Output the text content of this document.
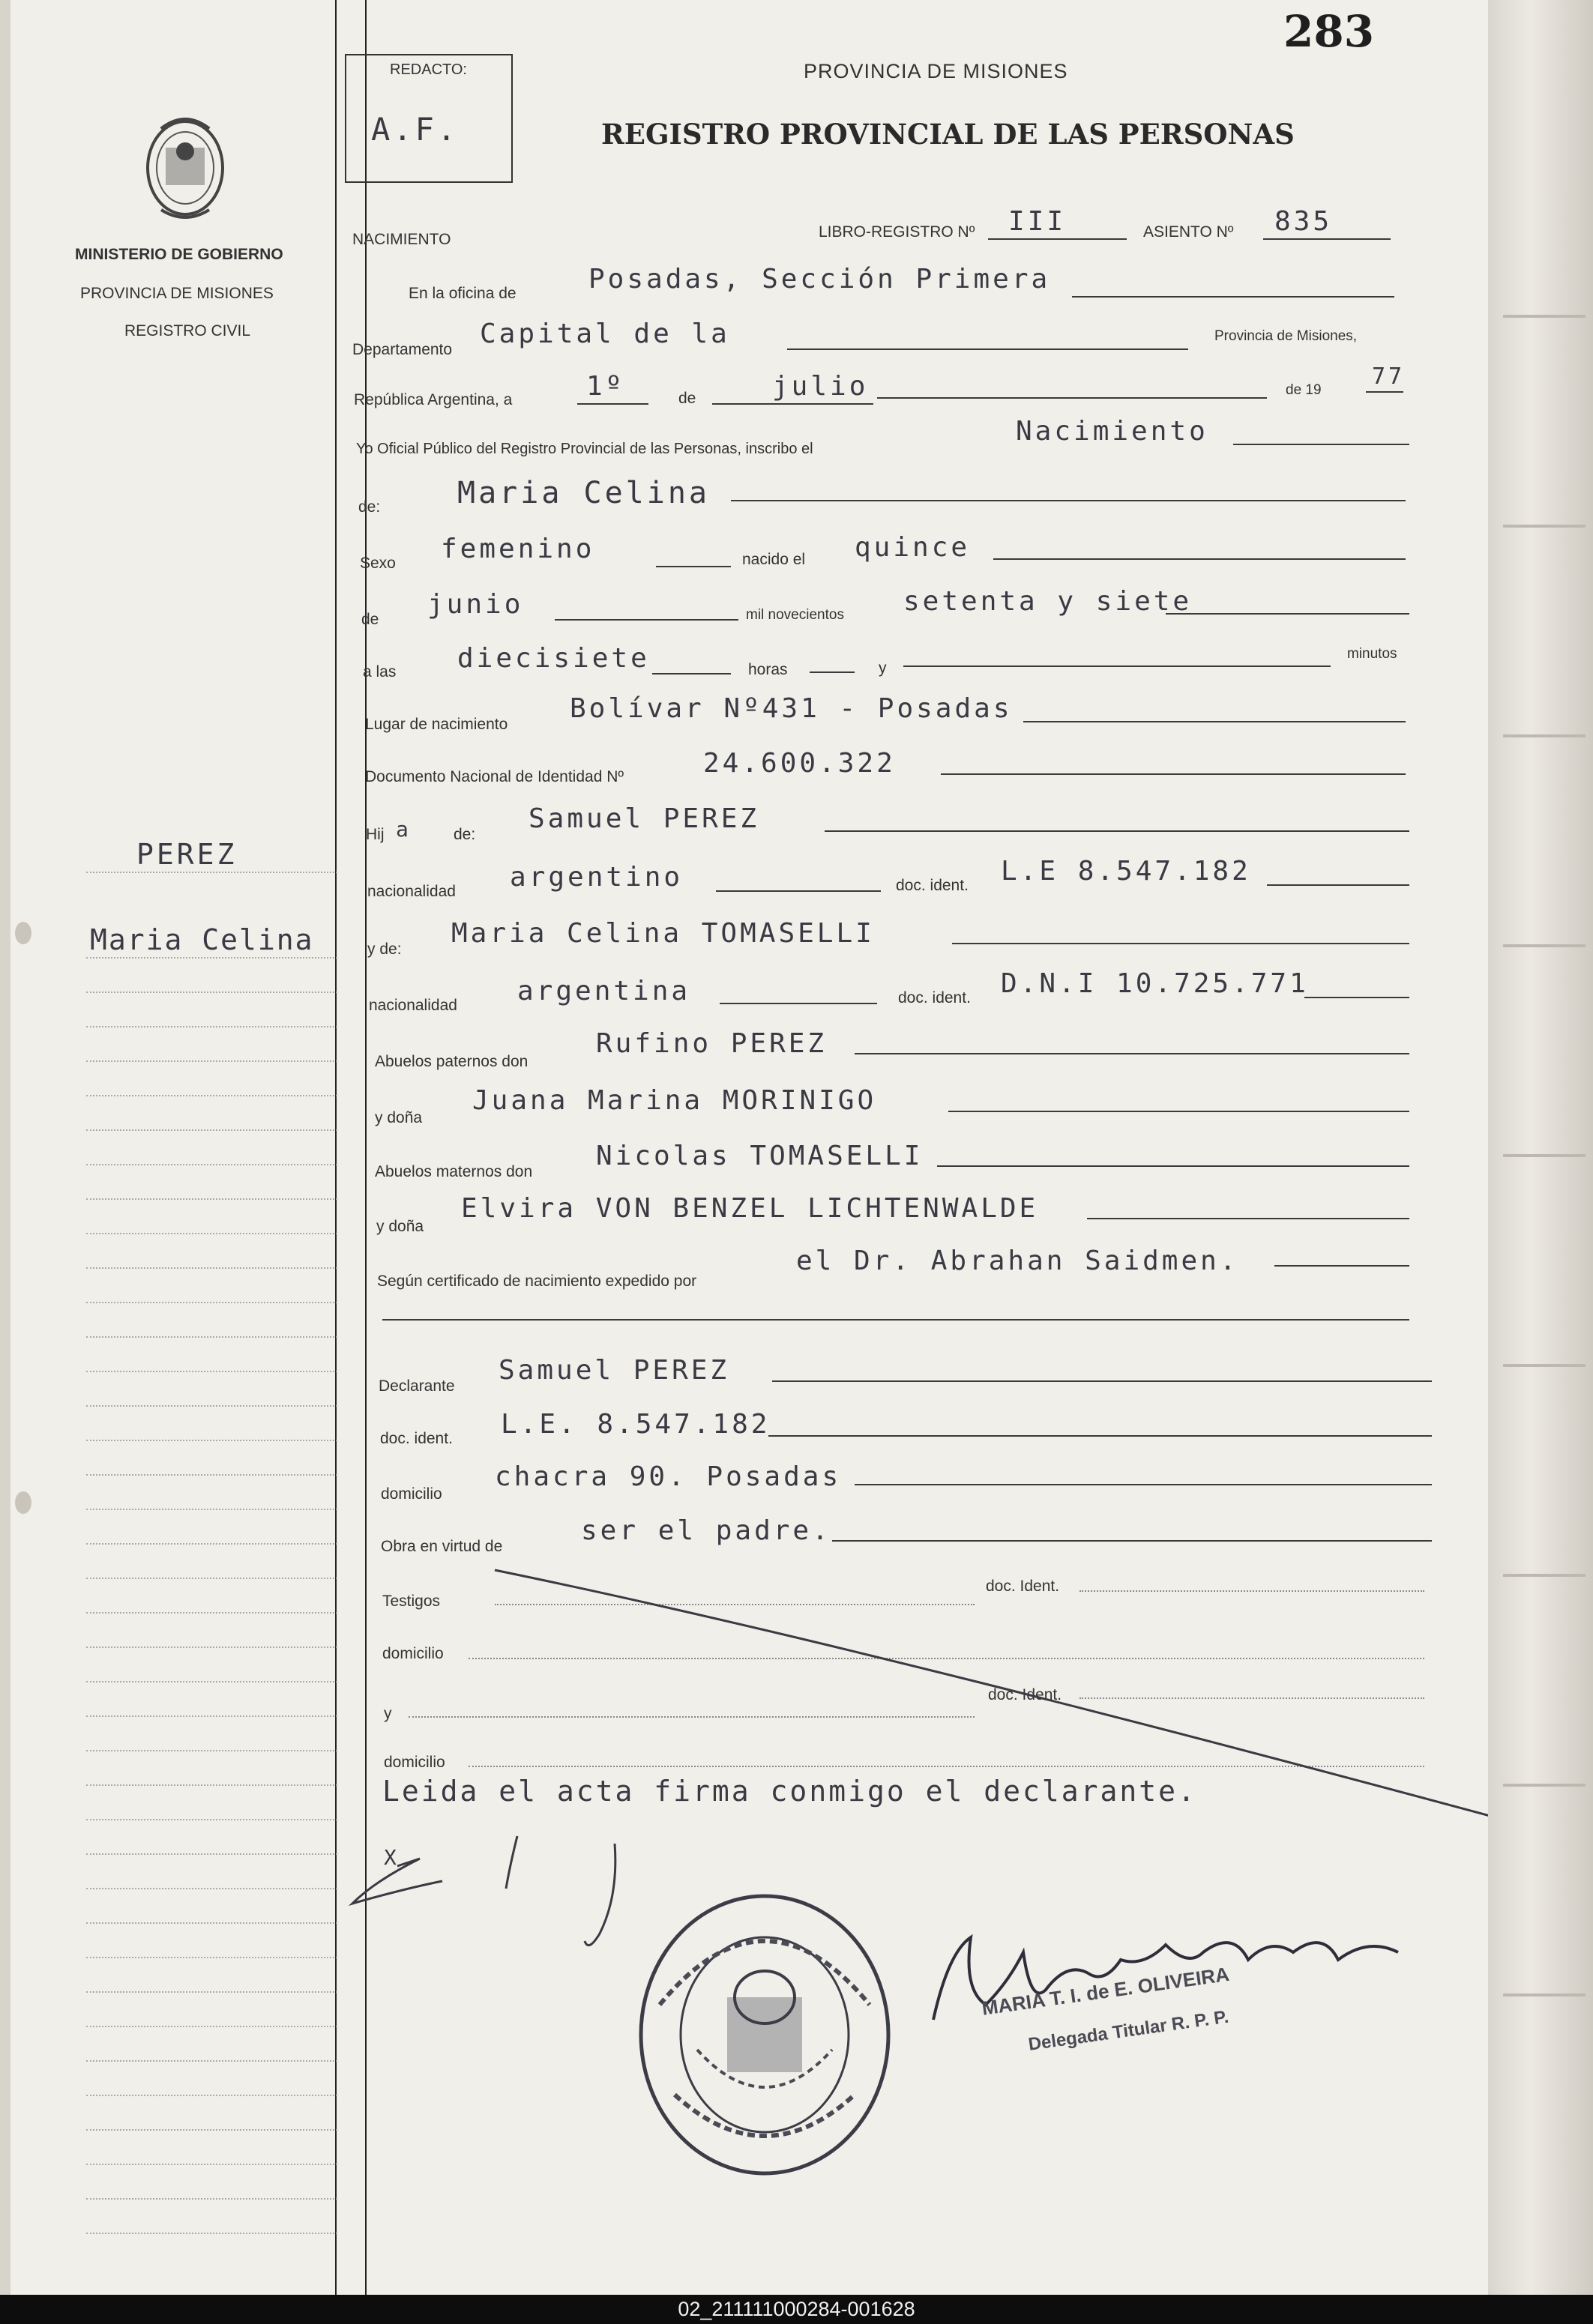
283
REDACTO:
A.F.
PROVINCIA DE MISIONES
REGISTRO PROVINCIAL DE LAS PERSONAS
MINISTERIO DE GOBIERNO
PROVINCIA DE MISIONES
REGISTRO CIVIL
PEREZ
Maria Celina
NACIMIENTO	LIBRO-REGISTRO Nº III	ASIENTO Nº 835
En la oficina de	Posadas, Sección Primera
Departamento
Capital de la	Provincia de Misiones,
República Argentina, a	1º	de	julio	de 19
77
Yo Oficial Público del Registro Provincial de las Personas, inscribo el
Nacimiento
de:	Maria Celina
Sexo femenino	nacido el quince
de junio	mil novecientos setenta y siete
a las diecisiete	horas	y
minutos
Lugar de nacimiento
Bolívar Nº431 - Posadas
Documento Nacional de Identidad Nº	24.600.322
Hij a	de:
Samuel PEREZ
nacionalidad argentino	doc. ident. L.E 8.547.182
y de:
Maria Celina TOMASELLI
nacionalidad argentina	doc. ident. D.N.I 10.725.771
Abuelos paternos don
Rufino PEREZ
y doña
Juana Marina MORINIGO
Abuelos maternos don
Nicolas TOMASELLI
y doña
Elvira VON BENZEL LICHTENWALDE
Según certificado de nacimiento expedido por
el Dr. Abrahan Saidmen.
Declarante
Samuel PEREZ
doc. ident. L.E. 8.547.182
domicilio
chacra 90. Posadas
Obra en virtud de
ser el padre.
Testigos
doc. Ident.
domicilio
doc. Ident.
y
domicilio
Leida el acta firma conmigo el declarante.
X
MARIA T. I. de E. OLIVEIRA
Delegada Titular R. P. P.
02_211111000284-001628
